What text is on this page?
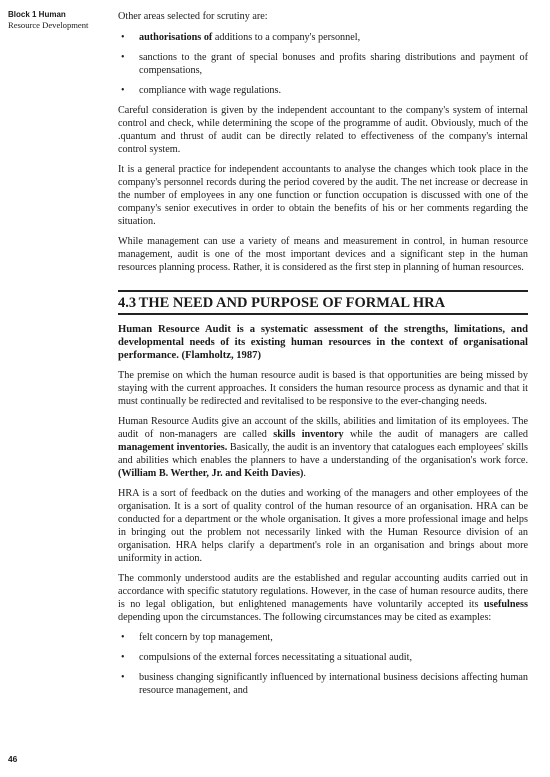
Block 1 Human
Resource Development

Other areas selected for scrutiny are:

• authorisations of additions to a company's personnel,
• sanctions to the grant of special bonuses and profits sharing distributions and payment of compensations,
• compliance with wage regulations.

Careful consideration is given by the independent accountant to the company's system of internal control and check, while determining the scope of the programme of audit. Obviously, much of the .quantum and thrust of audit can be directly related to effectiveness of the company's internal control system.

It is a general practice for independent accountants to analyse the changes which took place in the company's personnel records during the period covered by the audit. The net increase or decrease in the number of employees in any one function or function occupation is discussed with one of the company's senior executives in order to obtain the benefits of his or her comments regarding the situation.

While management can use a variety of means and measurement in control, in human resource management, audit is one of the most important devices and a significant step in the human resources planning process. Rather, it is considered as the first step in planning of human resources.

4.3 THE NEED AND PURPOSE OF FORMAL HRA

Human Resource Audit is a systematic assessment of the strengths, limitations, and developmental needs of its existing human resources in the context of organisational performance. (Flamholtz, 1987)

The premise on which the human resource audit is based is that opportunities are being missed by staying with the current approaches. It considers the human resource process as dynamic and that it must continually be redirected and revitalised to be responsive to the ever-changing needs.

Human Resource Audits give an account of the skills, abilities and limitation of its employees. The audit of non-managers are called skills inventory while the audit of managers are called management inventories. Basically, the audit is an inventory that catalogues each employees' skills and abilities which enables the planners to have a understanding of the organisation's work force. (William B. Werther, Jr. and Keith Davies).

HRA is a sort of feedback on the duties and working of the managers and other employees of the organisation. It is a sort of quality control of the human resource of an organisation. HRA can be conducted for a department or the whole organisation. It gives a more professional image and helps in bringing out the problem not necessarily linked with the Human Resource division of an organisation. HRA helps clarify a department's role in an organisation and brings about more uniformity in action.

The commonly understood audits are the established and regular accounting audits carried out in accordance with specific statutory regulations. However, in the case of human resource audits, there is no legal obligation, but enlightened managements have voluntarily accepted its usefulness depending upon the circumstances. The following circumstances may be cited as examples:

• felt concern by top management,
• compulsions of the external forces necessitating a situational audit,
• business changing significantly influenced by international business decisions affecting human resource management, and
46
